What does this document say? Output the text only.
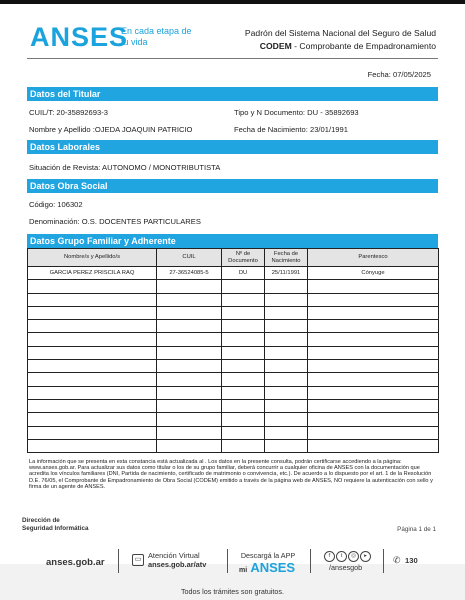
ANSES
En cada etapa de tu vida
Padrón del Sistema Nacional del Seguro de Salud
CODEM - Comprobante de Empadronamiento
Fecha: 07/05/2025
Datos del Titular
CUIL/T: 20-35892693-3	Tipo y N Documento: DU - 35892693
Nombre y Apellido :OJEDA JOAQUIN PATRICIO	Fecha de Nacimiento: 23/01/1991
Datos Laborales
Situación de Revista: AUTONOMO / MONOTRIBUTISTA
Datos Obra Social
Código: 106302
Denominación: O.S. DOCENTES PARTICULARES
Datos Grupo Familiar y Adherente
Nombre/s y Apellido/s	CUIL	Nº de Documento	Fecha de Nacimiento	Parentesco
GARCIA PEREZ PRISCILA RAQ	27-36524085-5	DU	25/11/1991	Cónyuge

La información que se presenta en esta constancia está actualizada al . Los datos en la presente consulta, podrán certificarse accediendo a la página: www.anses.gob.ar. Para actualizar sus datos como titular o los de su grupo familiar, deberá concurrir a cualquier oficina de ANSES con la documentación que acredita los vínculos familiares (DNI, Partida de nacimiento, certificado de matrimonio o convivencia, etc.). De acuerdo a lo dispuesto por el art. 1 de la Resolución D.E. 76/05, el Comprobante de Empadronamiento de Obra Social (CODEM) emitido a través de la página web de ANSES, NO requiere la autenticación con sello y firma de un agente de ANSES.
Dirección de
Seguridad Informática	Página 1 de 1
anses.gob.ar	▭ Atención Virtual
anses.gob.ar/atv
Descargá la APP
mi ANSES
f	t	◎	▸
/ansesgob
✆ 130
Todos los trámites son gratuitos.
